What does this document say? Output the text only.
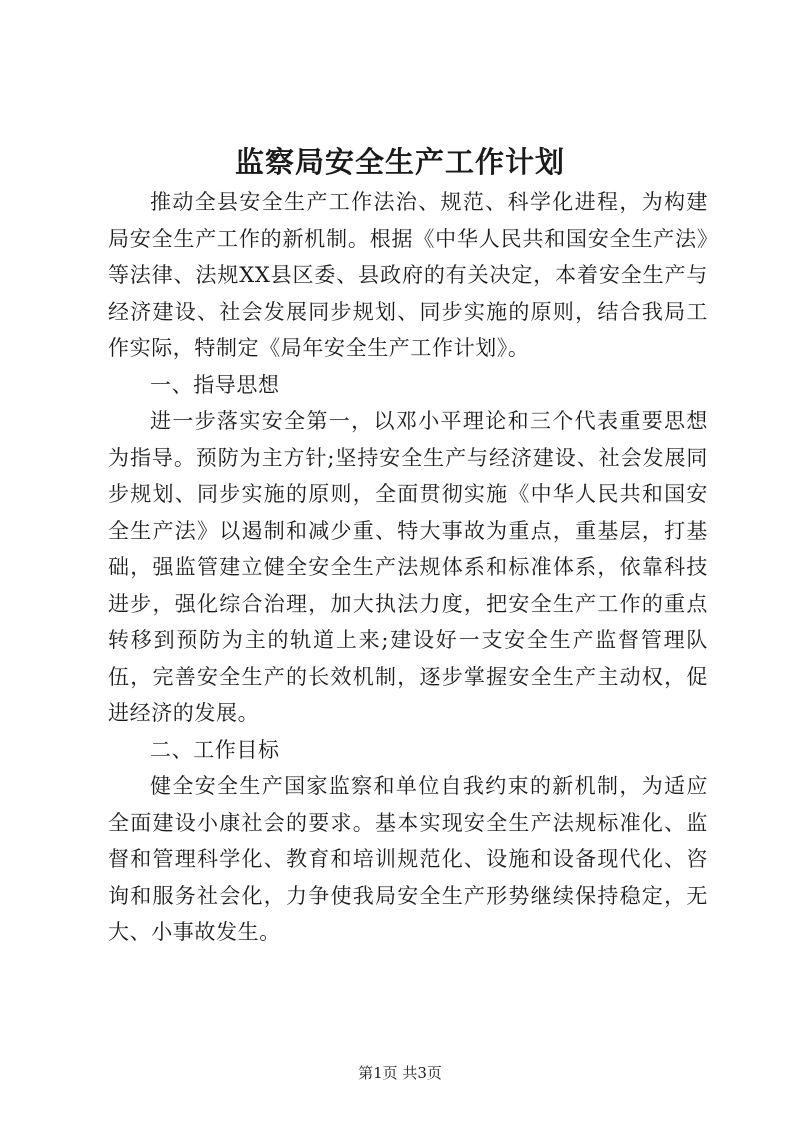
监察局安全生产工作计划

推动全县安全生产工作法治、规范、科学化进程，为构建局安全生产工作的新机制。根据《中华人民共和国安全生产法》等法律、法规XX县区委、县政府的有关决定，本着安全生产与经济建设、社会发展同步规划、同步实施的原则，结合我局工作实际，特制定《局年安全生产工作计划》。

一、指导思想

进一步落实安全第一，以邓小平理论和三个代表重要思想为指导。预防为主方针;坚持安全生产与经济建设、社会发展同步规划、同步实施的原则，全面贯彻实施《中华人民共和国安全生产法》以遏制和减少重、特大事故为重点，重基层，打基础，强监管建立健全安全生产法规体系和标准体系，依靠科技进步，强化综合治理，加大执法力度，把安全生产工作的重点转移到预防为主的轨道上来;建设好一支安全生产监督管理队伍，完善安全生产的长效机制，逐步掌握安全生产主动权，促进经济的发展。

二、工作目标

健全安全生产国家监察和单位自我约束的新机制，为适应全面建设小康社会的要求。基本实现安全生产法规标准化、监督和管理科学化、教育和培训规范化、设施和设备现代化、咨询和服务社会化，力争使我局安全生产形势继续保持稳定，无大、小事故发生。

第1页 共3页
